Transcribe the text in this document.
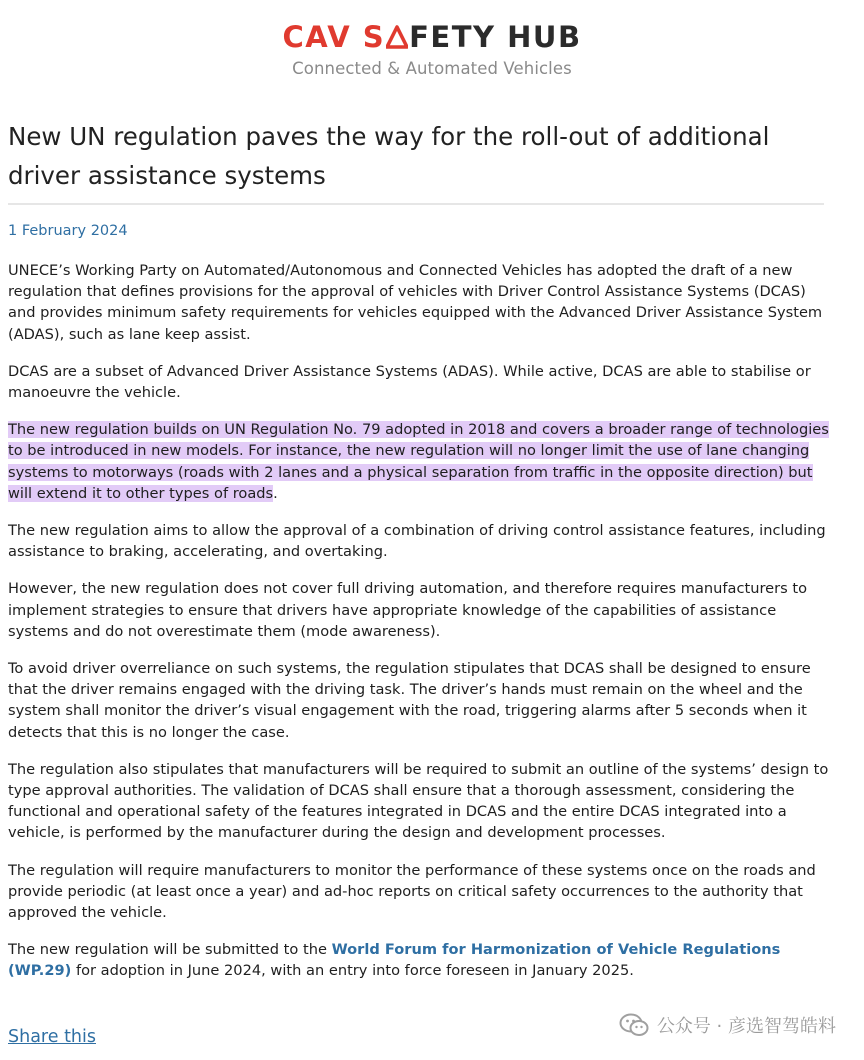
CAV S FETY HUB
Connected & Automated Vehicles
New UN regulation paves the way for the roll-out of additional driver assistance systems
1 February 2024

UNECE’s Working Party on Automated/Autonomous and Connected Vehicles has adopted the draft of a new regulation that defines provisions for the approval of vehicles with Driver Control Assistance Systems (DCAS) and provides minimum safety requirements for vehicles equipped with the Advanced Driver Assistance System (ADAS), such as lane keep assist.

DCAS are a subset of Advanced Driver Assistance Systems (ADAS). While active, DCAS are able to stabilise or manoeuvre the vehicle.

The new regulation builds on UN Regulation No. 79 adopted in 2018 and covers a broader range of technologies to be introduced in new models. For instance, the new regulation will no longer limit the use of lane changing systems to motorways (roads with 2 lanes and a physical separation from traffic in the opposite direction) but will extend it to other types of roads.

The new regulation aims to allow the approval of a combination of driving control assistance features, including assistance to braking, accelerating, and overtaking.

However, the new regulation does not cover full driving automation, and therefore requires manufacturers to implement strategies to ensure that drivers have appropriate knowledge of the capabilities of assistance systems and do not overestimate them (mode awareness).

To avoid driver overreliance on such systems, the regulation stipulates that DCAS shall be designed to ensure that the driver remains engaged with the driving task. The driver’s hands must remain on the wheel and the system shall monitor the driver’s visual engagement with the road, triggering alarms after 5 seconds when it detects that this is no longer the case.

The regulation also stipulates that manufacturers will be required to submit an outline of the systems’ design to type approval authorities. The validation of DCAS shall ensure that a thorough assessment, considering the functional and operational safety of the features integrated in DCAS and the entire DCAS integrated into a vehicle, is performed by the manufacturer during the design and development processes.

The regulation will require manufacturers to monitor the performance of these systems once on the roads and provide periodic (at least once a year) and ad-hoc reports on critical safety occurrences to the authority that approved the vehicle.

The new regulation will be submitted to the World Forum for Harmonization of Vehicle Regulations (WP.29) for adoption in June 2024, with an entry into force foreseen in January 2025.

Share this	公众号 · 彦选智驾皓料
